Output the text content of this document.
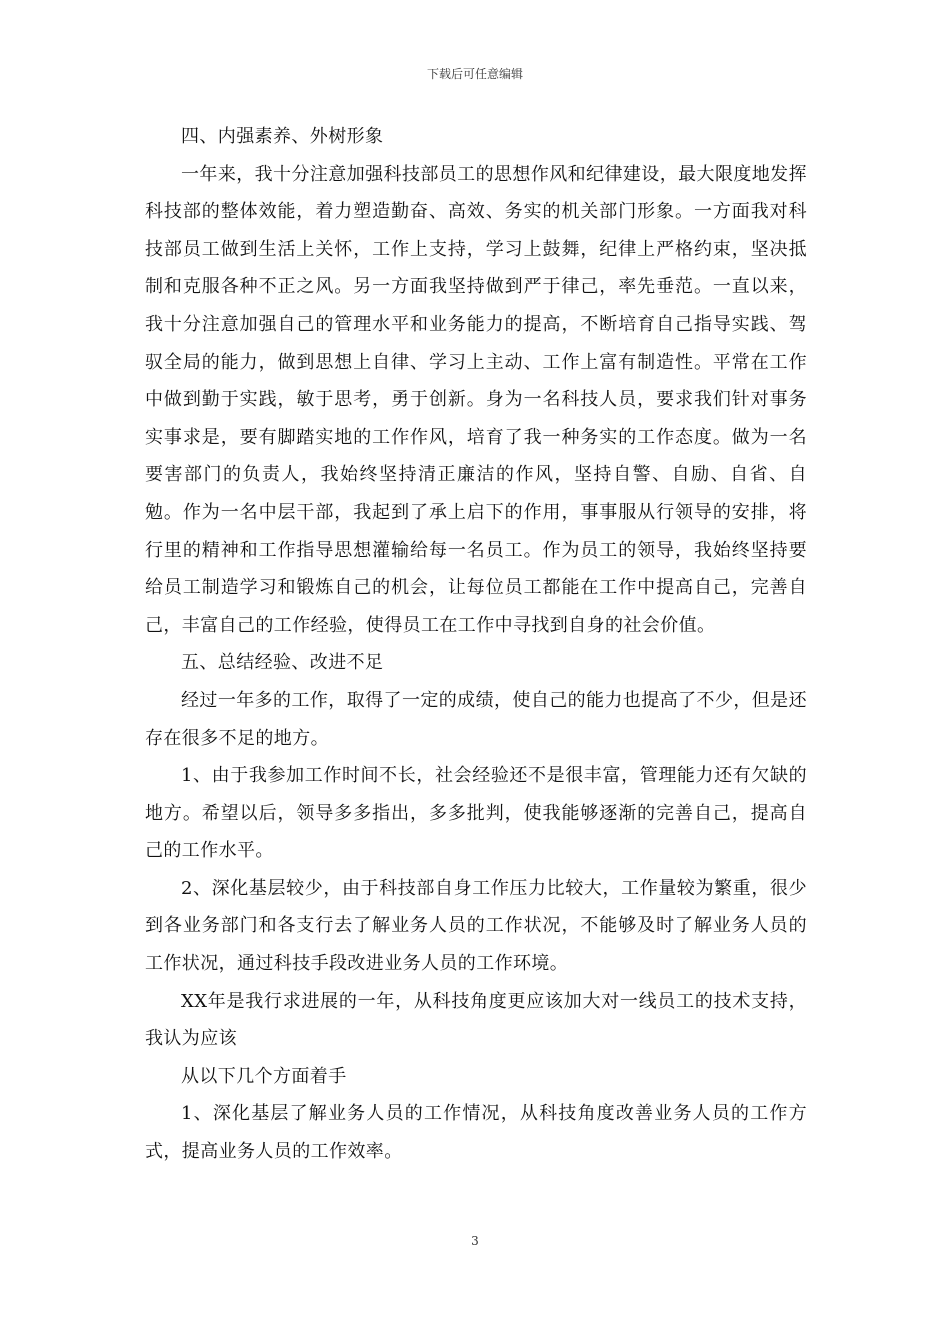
下载后可任意编辑

四、内强素养、外树形象

一年来，我十分注意加强科技部员工的思想作风和纪律建设，最大限度地发挥科技部的整体效能，着力塑造勤奋、高效、务实的机关部门形象。一方面我对科技部员工做到生活上关怀，工作上支持，学习上鼓舞，纪律上严格约束，坚决抵制和克服各种不正之风。另一方面我坚持做到严于律己，率先垂范。一直以来，我十分注意加强自己的管理水平和业务能力的提高，不断培育自己指导实践、驾驭全局的能力，做到思想上自律、学习上主动、工作上富有制造性。平常在工作中做到勤于实践，敏于思考，勇于创新。身为一名科技人员，要求我们针对事务实事求是，要有脚踏实地的工作作风，培育了我一种务实的工作态度。做为一名要害部门的负责人，我始终坚持清正廉洁的作风，坚持自警、自励、自省、自勉。作为一名中层干部，我起到了承上启下的作用，事事服从行领导的安排，将行里的精神和工作指导思想灌输给每一名员工。作为员工的领导，我始终坚持要给员工制造学习和锻炼自己的机会，让每位员工都能在工作中提高自己，完善自己，丰富自己的工作经验，使得员工在工作中寻找到自身的社会价值。

五、总结经验、改进不足

经过一年多的工作，取得了一定的成绩，使自己的能力也提高了不少，但是还存在很多不足的地方。

1、由于我参加工作时间不长，社会经验还不是很丰富，管理能力还有欠缺的地方。希望以后，领导多多指出，多多批判，使我能够逐渐的完善自己，提高自己的工作水平。

2、深化基层较少，由于科技部自身工作压力比较大，工作量较为繁重，很少到各业务部门和各支行去了解业务人员的工作状况，不能够及时了解业务人员的工作状况，通过科技手段改进业务人员的工作环境。

XX年是我行求进展的一年，从科技角度更应该加大对一线员工的技术支持，我认为应该

从以下几个方面着手

1、深化基层了解业务人员的工作情况，从科技角度改善业务人员的工作方式，提高业务人员的工作效率。

3
